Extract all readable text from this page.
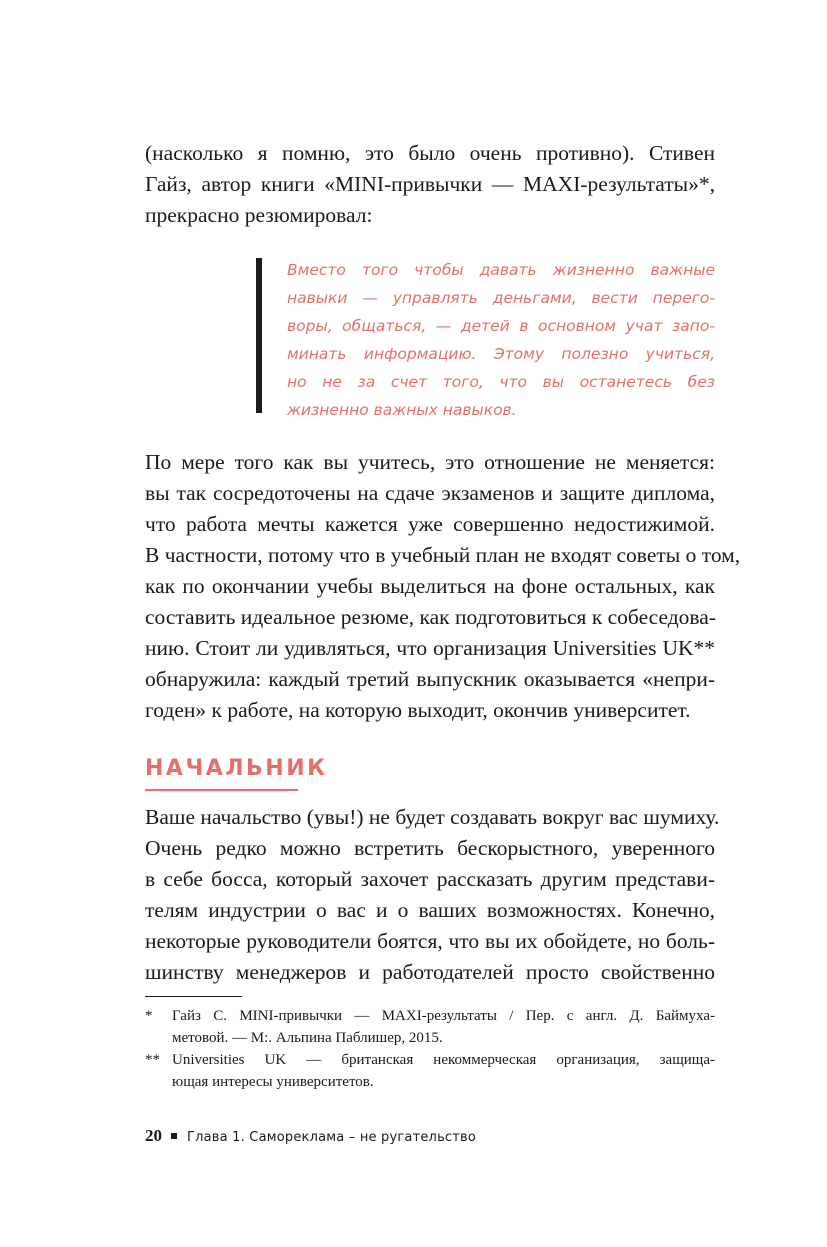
(насколько я помню, это было очень противно). Стивен
Гайз, автор книги «MINI-привычки — MAXI-результаты»*,
прекрасно резюмировал:
Вместо того чтобы давать жизненно важные
навыки — управлять деньгами, вести перего-
воры, общаться, — детей в основном учат запо-
минать информацию. Этому полезно учиться,
но не за счет того, что вы останетесь без
жизненно важных навыков.
По мере того как вы учитесь, это отношение не меняется:
вы так сосредоточены на сдаче экзаменов и защите диплома,
что работа мечты кажется уже совершенно недостижимой.
В частности, потому что в учебный план не входят советы о том,
как по окончании учебы выделиться на фоне остальных, как
составить идеальное резюме, как подготовиться к собеседова-
нию. Стоит ли удивляться, что организация Universities UK**
обнаружила: каждый третий выпускник оказывается «непри-
годен» к работе, на которую выходит, окончив университет.
НАЧАЛЬНИК
Ваше начальство (увы!) не будет создавать вокруг вас шумиху.
Очень редко можно встретить бескорыстного, уверенного
в себе босса, который захочет рассказать другим представи-
телям индустрии о вас и о ваших возможностях. Конечно,
некоторые руководители боятся, что вы их обойдете, но боль-
шинству менеджеров и работодателей просто свойственно
* Гайз С. MINI-привычки — MAXI-результаты / Пер. с англ. Д. Баймуха-
метовой. — М:. Альпина Паблишер, 2015.
** Universities UK — британская некоммерческая организация, защища-
ющая интересы университетов.
20 Глава 1. Самореклама – не ругательство
